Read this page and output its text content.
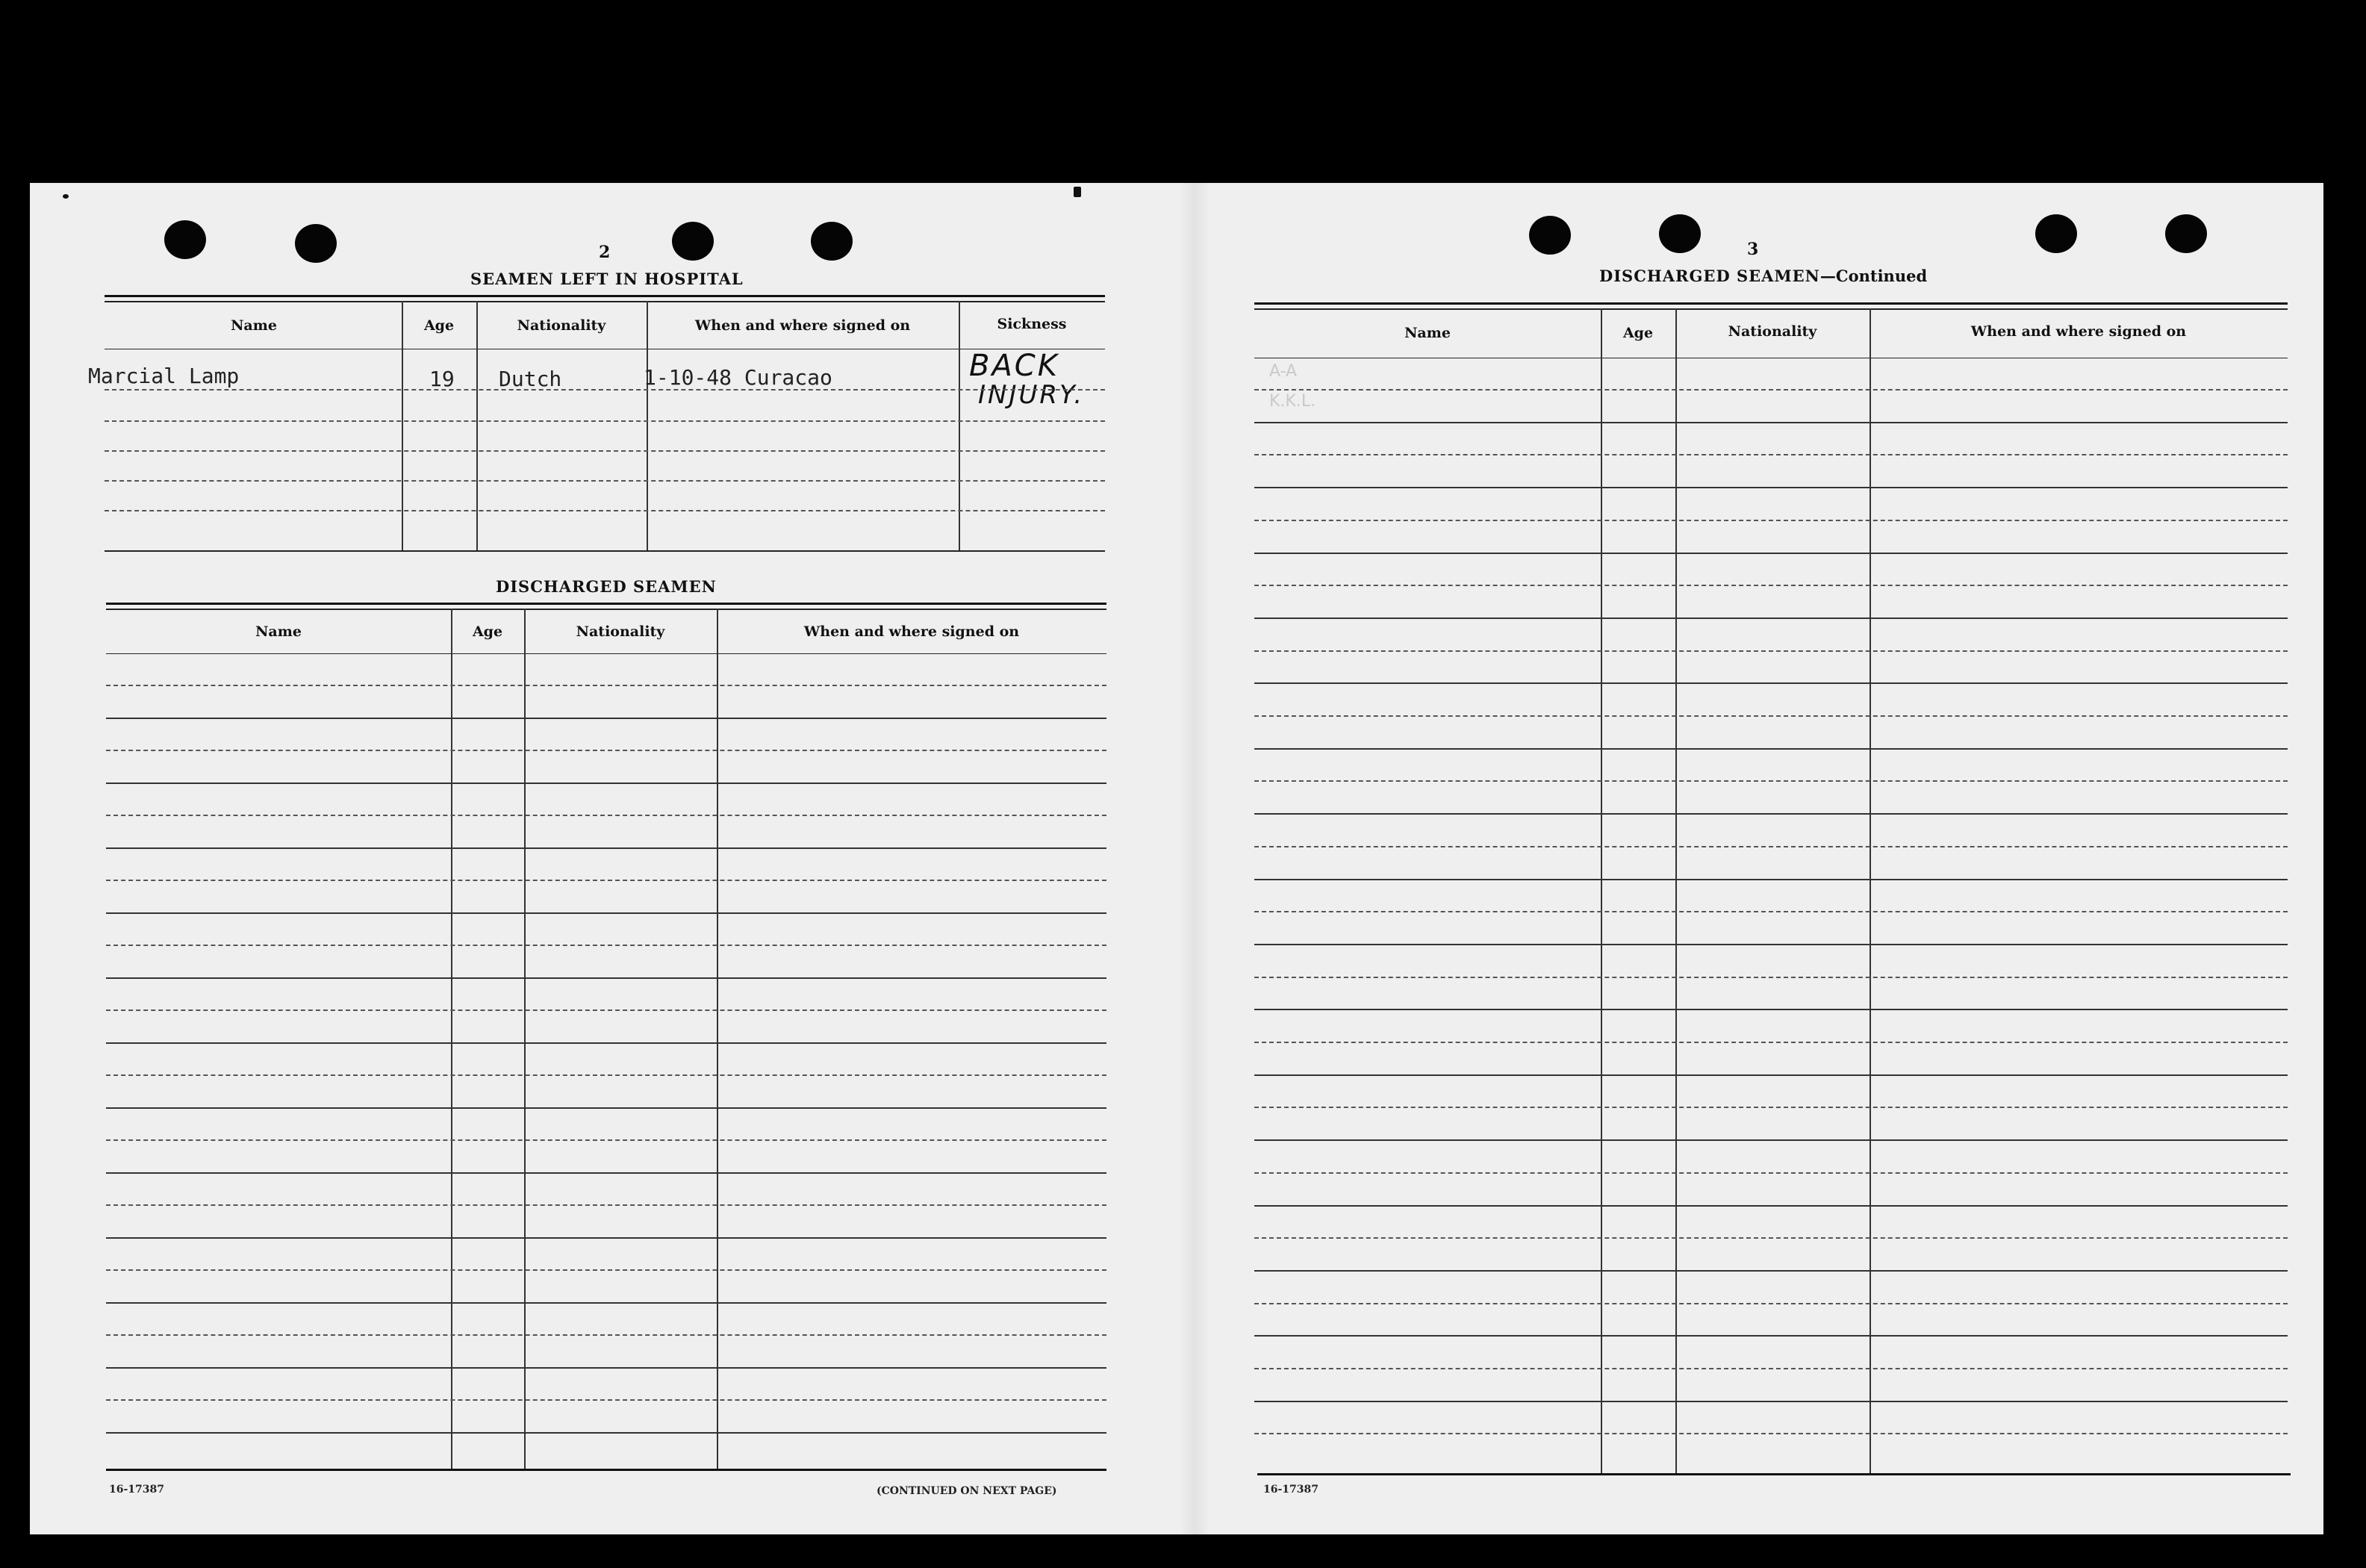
2
SEAMEN LEFT IN HOSPITAL
Name	Age	Nationality	When and where signed on	Sickness
Marcial Lamp	19 Dutch	1-10-48 Curacao	BACK
INJURY.
DISCHARGED SEAMEN
Name	Age	Nationality	When and where signed on
16-17387	(CONTINUED ON NEXT PAGE)
3
DISCHARGED SEAMEN—Continued
Name	Age	Nationality	When and where signed on
A-A
K.K.L.
16-17387
